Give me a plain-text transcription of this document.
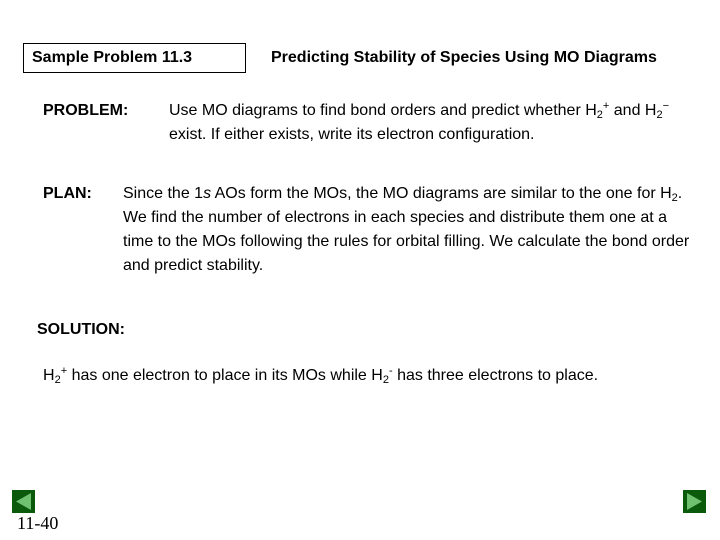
Sample Problem 11.3	Predicting Stability of Species Using MO Diagrams
PROBLEM:	Use MO diagrams to find bond orders and predict whether $H_2^+$ and $H_2^-$ exist. If either exists, write its electron configuration.
PLAN: Since the 1s AOs form the MOs, the MO diagrams are similar to the one for $H_2$. We find the number of electrons in each species and distribute them one at a time to the MOs following the rules for orbital filling. We calculate the bond order and predict stability.
SOLUTION:
$H_2^+$ has one electron to place in its MOs while $H_2^-$ has three electrons to place.
11-40
